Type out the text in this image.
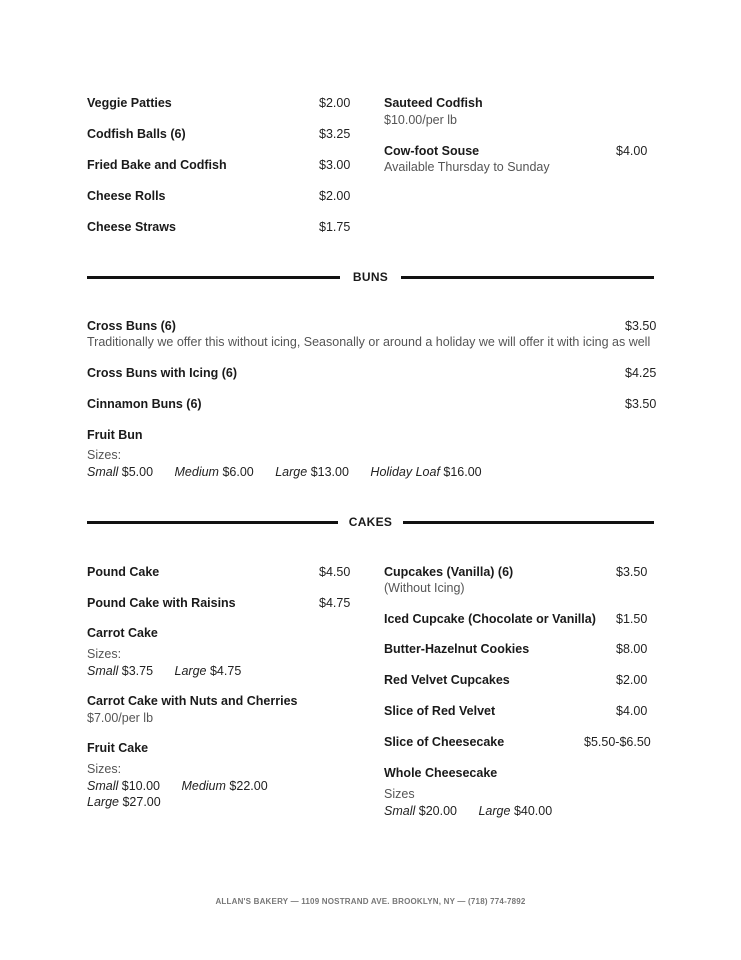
Veggie Patties	$2.00
Codfish Balls (6)	$3.25
Fried Bake and Codfish	$3.00
Cheese Rolls	$2.00
Cheese Straws	$1.75
Sauteed Codfish
$10.00/per lb
Cow-foot Souse	$4.00
Available Thursday to Sunday
BUNS
Cross Buns (6)	$3.50
Traditionally we offer this without icing, Seasonally or around a holiday we will offer it with icing as well
Cross Buns with Icing (6)	$4.25
Cinnamon Buns (6)	$3.50
Fruit Bun
Sizes:
Small $5.00 Medium $6.00 Large $13.00 Holiday Loaf $16.00
CAKES
Pound Cake	$4.50
Pound Cake with Raisins	$4.75
Carrot Cake
Sizes:
Small $3.75 Large $4.75
Carrot Cake with Nuts and Cherries
$7.00/per lb
Fruit Cake
Sizes:
Small $10.00 Medium $22.00
Large $27.00
Cupcakes (Vanilla) (6)	$3.50
(Without Icing)
Iced Cupcake (Chocolate or Vanilla) $1.50
Butter-Hazelnut Cookies	$8.00
Red Velvet Cupcakes	$2.00
Slice of Red Velvet	$4.00
Slice of Cheesecake	$5.50-$6.50
Whole Cheesecake
Sizes
Small $20.00 Large $40.00
ALLAN'S BAKERY — 1109 NOSTRAND AVE. BROOKLYN, NY — (718) 774-7892
